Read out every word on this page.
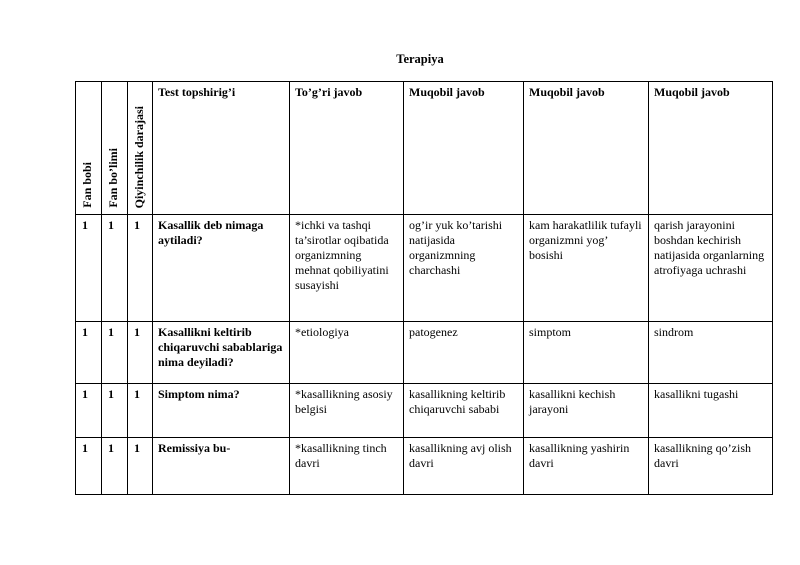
Terapiya
Fan bobi	Fan bo’limi	Qiyinchilik darajasi	Test topshirig’i	To’g’ri javob	Muqobil javob	Muqobil javob	Muqobil javob
1	1	1	Kasallik deb nimaga aytiladi?	*ichki va tashqi ta’sirotlar oqibatida organizmning mehnat qobiliyatini susayishi	og’ir yuk ko’tarishi natijasida organizmning charchashi	kam harakatlilik tufayli organizmni yog’ bosishi	qarish jarayonini boshdan kechirish natijasida organlarning atrofiyaga uchrashi
1	1	1	Kasallikni keltirib chiqaruvchi sabablariga nima deyiladi?	*etiologiya	patogenez	simptom	sindrom
1	1	1	Simptom nima?	*kasallikning asosiy belgisi	kasallikning keltirib chiqaruvchi sababi	kasallikni kechish jarayoni	kasallikni tugashi
1	1	1	Remissiya bu-	*kasallikning tinch davri	kasallikning avj olish davri	kasallikning yashirin davri	kasallikning qo’zish davri
